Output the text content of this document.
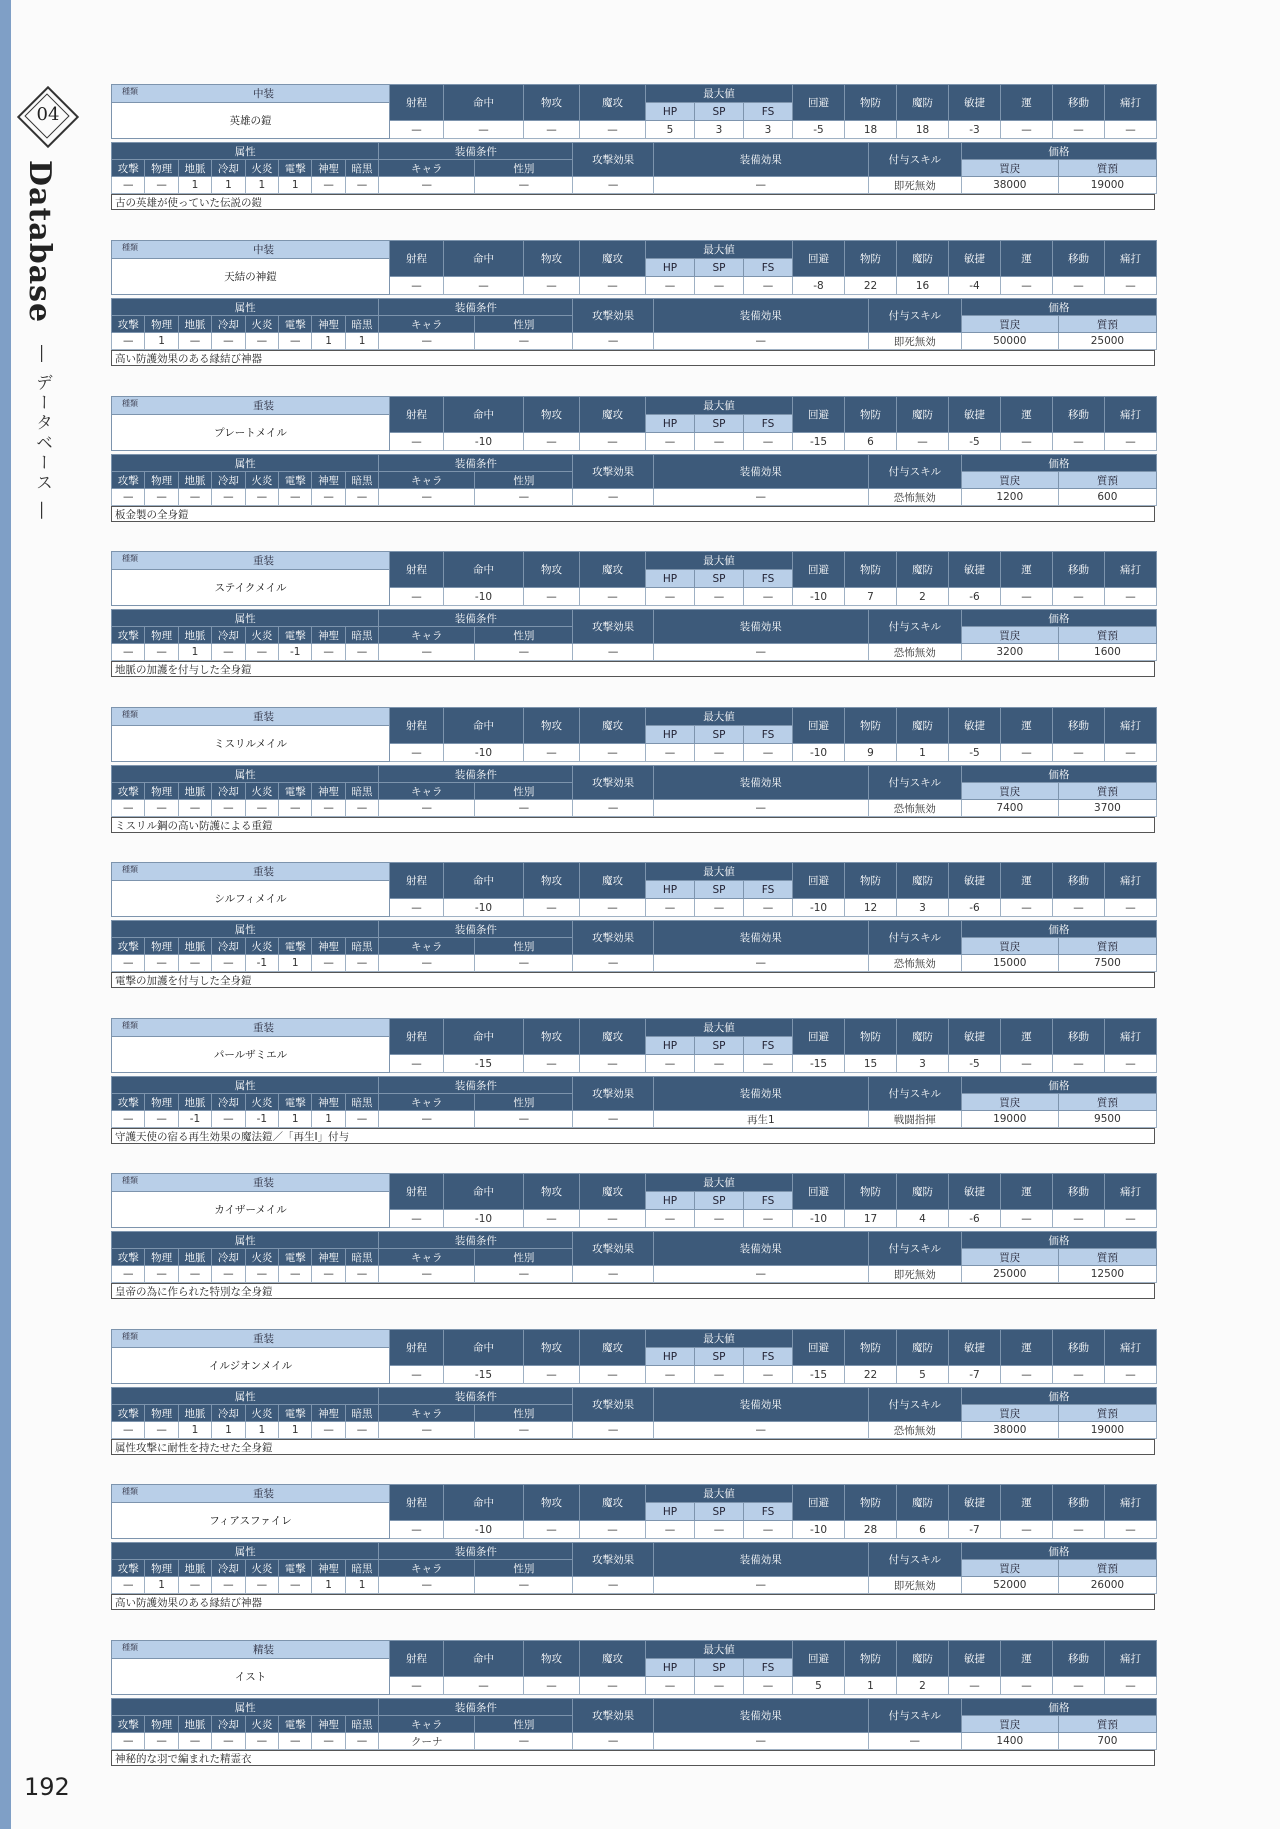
04
Database
― データベース ―
192
種類 中装	射程	命中	物攻	魔攻	最大値			回避	物防	魔防	敏捷	運	移動	痛打
英雄の鎧					HP	SP	FS							
	—	—	—	—	5	3	3	-5	18	18	-3	—	—	—
属性								装備条件		攻撃効果	装備効果	付与スキル	価格	
攻撃	物理	地脈	冷却	火炎	電撃	神聖	暗黒	キャラ	性別				買戻	質預
—	—	1	1	1	1	—	—	—	—	—	—	即死無効	38000	19000
古の英雄が使っていた伝説の鎧
種類 中装	射程	命中	物攻	魔攻	最大値			回避	物防	魔防	敏捷	運	移動	痛打
天結の神鎧					HP	SP	FS							
	—	—	—	—	—	—	—	-8	22	16	-4	—	—	—
属性								装備条件		攻撃効果	装備効果	付与スキル	価格	
攻撃	物理	地脈	冷却	火炎	電撃	神聖	暗黒	キャラ	性別				買戻	質預
—	1	—	—	—	—	1	1	—	—	—	—	即死無効	50000	25000
高い防護効果のある縁結び神器
種類 重装	射程	命中	物攻	魔攻	最大値			回避	物防	魔防	敏捷	運	移動	痛打
プレートメイル					HP	SP	FS							
	—	-10	—	—	—	—	—	-15	6	—	-5	—	—	—
属性								装備条件		攻撃効果	装備効果	付与スキル	価格	
攻撃	物理	地脈	冷却	火炎	電撃	神聖	暗黒	キャラ	性別				買戻	質預
—	—	—	—	—	—	—	—	—	—	—	—	恐怖無効	1200	600
板金製の全身鎧
種類 重装	射程	命中	物攻	魔攻	最大値			回避	物防	魔防	敏捷	運	移動	痛打
ステイクメイル					HP	SP	FS							
	—	-10	—	—	—	—	—	-10	7	2	-6	—	—	—
属性								装備条件		攻撃効果	装備効果	付与スキル	価格	
攻撃	物理	地脈	冷却	火炎	電撃	神聖	暗黒	キャラ	性別				買戻	質預
—	—	1	—	—	-1	—	—	—	—	—	—	恐怖無効	3200	1600
地脈の加護を付与した全身鎧
種類 重装	射程	命中	物攻	魔攻	最大値			回避	物防	魔防	敏捷	運	移動	痛打
ミスリルメイル					HP	SP	FS							
	—	-10	—	—	—	—	—	-10	9	1	-5	—	—	—
属性								装備条件		攻撃効果	装備効果	付与スキル	価格	
攻撃	物理	地脈	冷却	火炎	電撃	神聖	暗黒	キャラ	性別				買戻	質預
—	—	—	—	—	—	—	—	—	—	—	—	恐怖無効	7400	3700
ミスリル鋼の高い防護による重鎧
種類 重装	射程	命中	物攻	魔攻	最大値			回避	物防	魔防	敏捷	運	移動	痛打
シルフィメイル					HP	SP	FS							
	—	-10	—	—	—	—	—	-10	12	3	-6	—	—	—
属性								装備条件		攻撃効果	装備効果	付与スキル	価格	
攻撃	物理	地脈	冷却	火炎	電撃	神聖	暗黒	キャラ	性別				買戻	質預
—	—	—	—	-1	1	—	—	—	—	—	—	恐怖無効	15000	7500
電撃の加護を付与した全身鎧
種類 重装	射程	命中	物攻	魔攻	最大値			回避	物防	魔防	敏捷	運	移動	痛打
パールザミエル					HP	SP	FS							
	—	-15	—	—	—	—	—	-15	15	3	-5	—	—	—
属性								装備条件		攻撃効果	装備効果	付与スキル	価格	
攻撃	物理	地脈	冷却	火炎	電撃	神聖	暗黒	キャラ	性別				買戻	質預
—	—	-1	—	-1	1	1	—	—	—	—	再生1	戦闘指揮	19000	9500
守護天使の宿る再生効果の魔法鎧／「再生Ⅰ」付与
種類 重装	射程	命中	物攻	魔攻	最大値			回避	物防	魔防	敏捷	運	移動	痛打
カイザーメイル					HP	SP	FS							
	—	-10	—	—	—	—	—	-10	17	4	-6	—	—	—
属性								装備条件		攻撃効果	装備効果	付与スキル	価格	
攻撃	物理	地脈	冷却	火炎	電撃	神聖	暗黒	キャラ	性別				買戻	質預
—	—	—	—	—	—	—	—	—	—	—	—	即死無効	25000	12500
皇帝の為に作られた特別な全身鎧
種類 重装	射程	命中	物攻	魔攻	最大値			回避	物防	魔防	敏捷	運	移動	痛打
イルジオンメイル					HP	SP	FS							
	—	-15	—	—	—	—	—	-15	22	5	-7	—	—	—
属性								装備条件		攻撃効果	装備効果	付与スキル	価格	
攻撃	物理	地脈	冷却	火炎	電撃	神聖	暗黒	キャラ	性別				買戻	質預
—	—	1	1	1	1	—	—	—	—	—	—	恐怖無効	38000	19000
属性攻撃に耐性を持たせた全身鎧
種類 重装	射程	命中	物攻	魔攻	最大値			回避	物防	魔防	敏捷	運	移動	痛打
フィアスファイレ					HP	SP	FS							
	—	-10	—	—	—	—	—	-10	28	6	-7	—	—	—
属性								装備条件		攻撃効果	装備効果	付与スキル	価格	
攻撃	物理	地脈	冷却	火炎	電撃	神聖	暗黒	キャラ	性別				買戻	質預
—	1	—	—	—	—	1	1	—	—	—	—	即死無効	52000	26000
高い防護効果のある縁結び神器
種類 精装	射程	命中	物攻	魔攻	最大値			回避	物防	魔防	敏捷	運	移動	痛打
イスト					HP	SP	FS							
	—	—	—	—	—	—	—	5	1	2	—	—	—	—
属性								装備条件		攻撃効果	装備効果	付与スキル	価格	
攻撃	物理	地脈	冷却	火炎	電撃	神聖	暗黒	キャラ	性別				買戻	質預
—	—	—	—	—	—	—	—	クーナ	—	—	—	—	1400	700
神秘的な羽で編まれた精霊衣
